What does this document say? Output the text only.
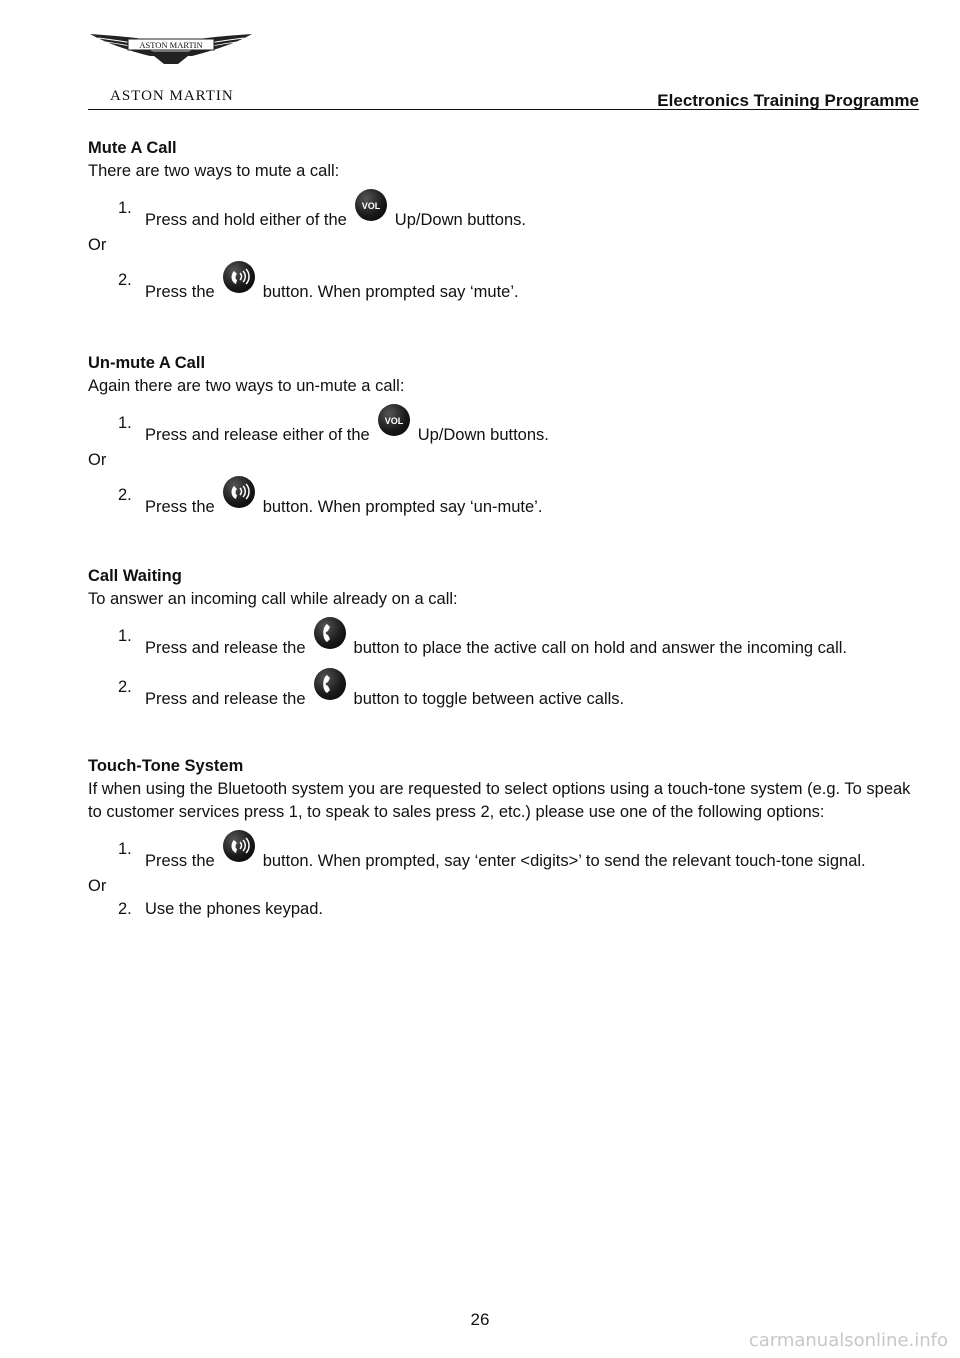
ASTON MARTIN
ASTON MARTIN	Electronics Training Programme

Mute A Call

There are two ways to mute a call:

1.
Press and hold either of the
VOL
Up/Down buttons.

Or

2.
Press the	button. When prompted say ‘mute’.

Un-mute A Call

Again there are two ways to un-mute a call:

1.
Press and release either of the
VOL
Up/Down buttons.

Or

2.
Press the	button. When prompted say ‘un-mute’.

Call Waiting

To answer an incoming call while already on a call:

1.
Press and release the	button to place the active call on hold and answer the incoming call.
2.
Press and release the	button to toggle between active calls.

Touch-Tone System

If when using the Bluetooth system you are requested to select options using a touch-tone system (e.g. To speak to customer services press 1, to speak to sales press 2, etc.) please use one of the following options:

1.
Press the	button. When prompted, say ‘enter <digits>’ to send the relevant touch-tone signal.

Or

2. Use the phones keypad.
26
carmanualsonline.info
